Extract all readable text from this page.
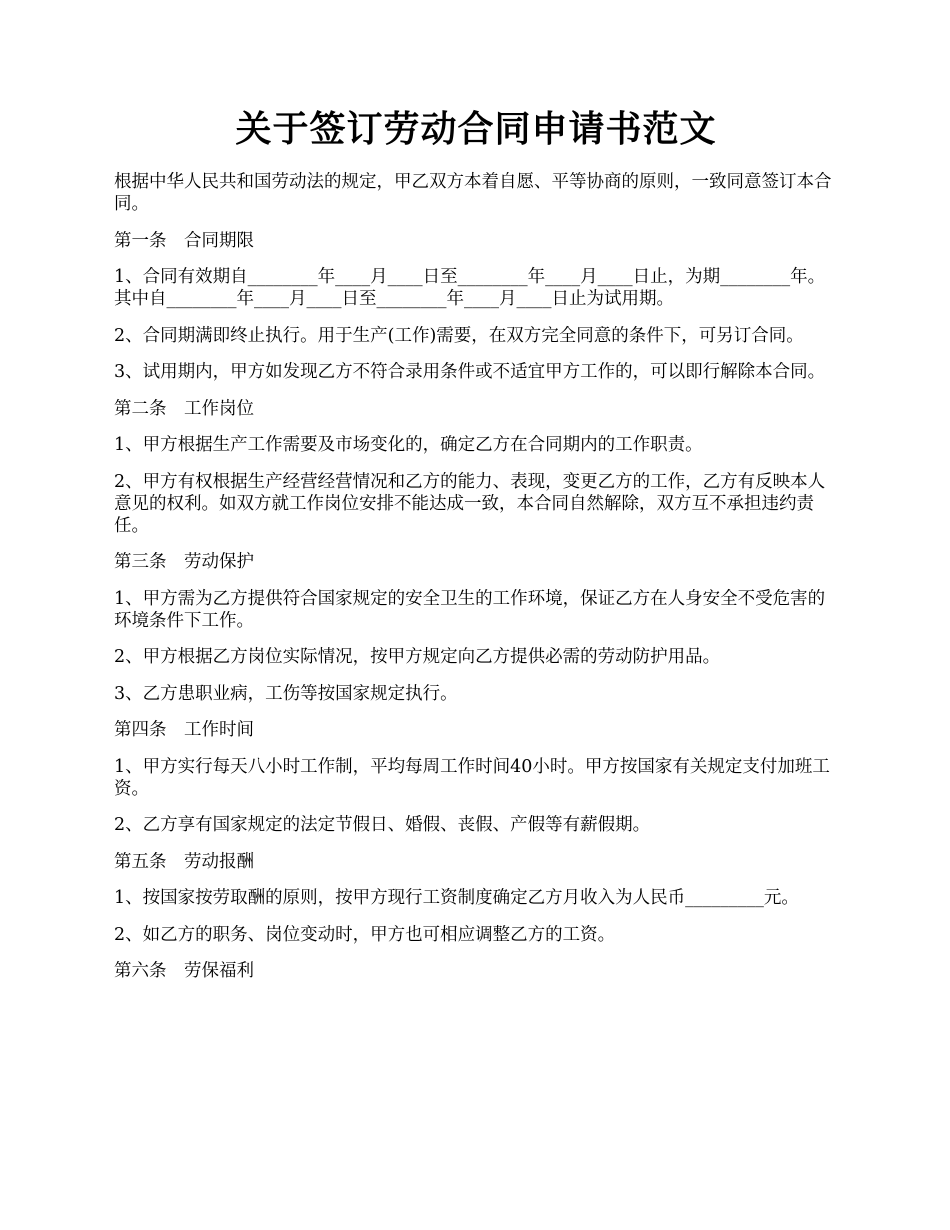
关于签订劳动合同申请书范文

根据中华人民共和国劳动法的规定，甲乙双方本着自愿、平等协商的原则，一致同意签订本合同。

第一条　合同期限

1、合同有效期自________年____月____日至________年____月____日止，为期________年。其中自________年____月____日至________年____月____日止为试用期。

2、合同期满即终止执行。用于生产(工作)需要，在双方完全同意的条件下，可另订合同。

3、试用期内，甲方如发现乙方不符合录用条件或不适宜甲方工作的，可以即行解除本合同。

第二条　工作岗位

1、甲方根据生产工作需要及市场变化的，确定乙方在合同期内的工作职责。

2、甲方有权根据生产经营经营情况和乙方的能力、表现，变更乙方的工作，乙方有反映本人意见的权利。如双方就工作岗位安排不能达成一致，本合同自然解除，双方互不承担违约责任。

第三条　劳动保护

1、甲方需为乙方提供符合国家规定的安全卫生的工作环境，保证乙方在人身安全不受危害的环境条件下工作。

2、甲方根据乙方岗位实际情况，按甲方规定向乙方提供必需的劳动防护用品。

3、乙方患职业病，工伤等按国家规定执行。

第四条　工作时间

1、甲方实行每天八小时工作制，平均每周工作时间40小时。甲方按国家有关规定支付加班工资。

2、乙方享有国家规定的法定节假日、婚假、丧假、产假等有薪假期。

第五条　劳动报酬

1、按国家按劳取酬的原则，按甲方现行工资制度确定乙方月收入为人民币_________元。

2、如乙方的职务、岗位变动时，甲方也可相应调整乙方的工资。

第六条　劳保福利
